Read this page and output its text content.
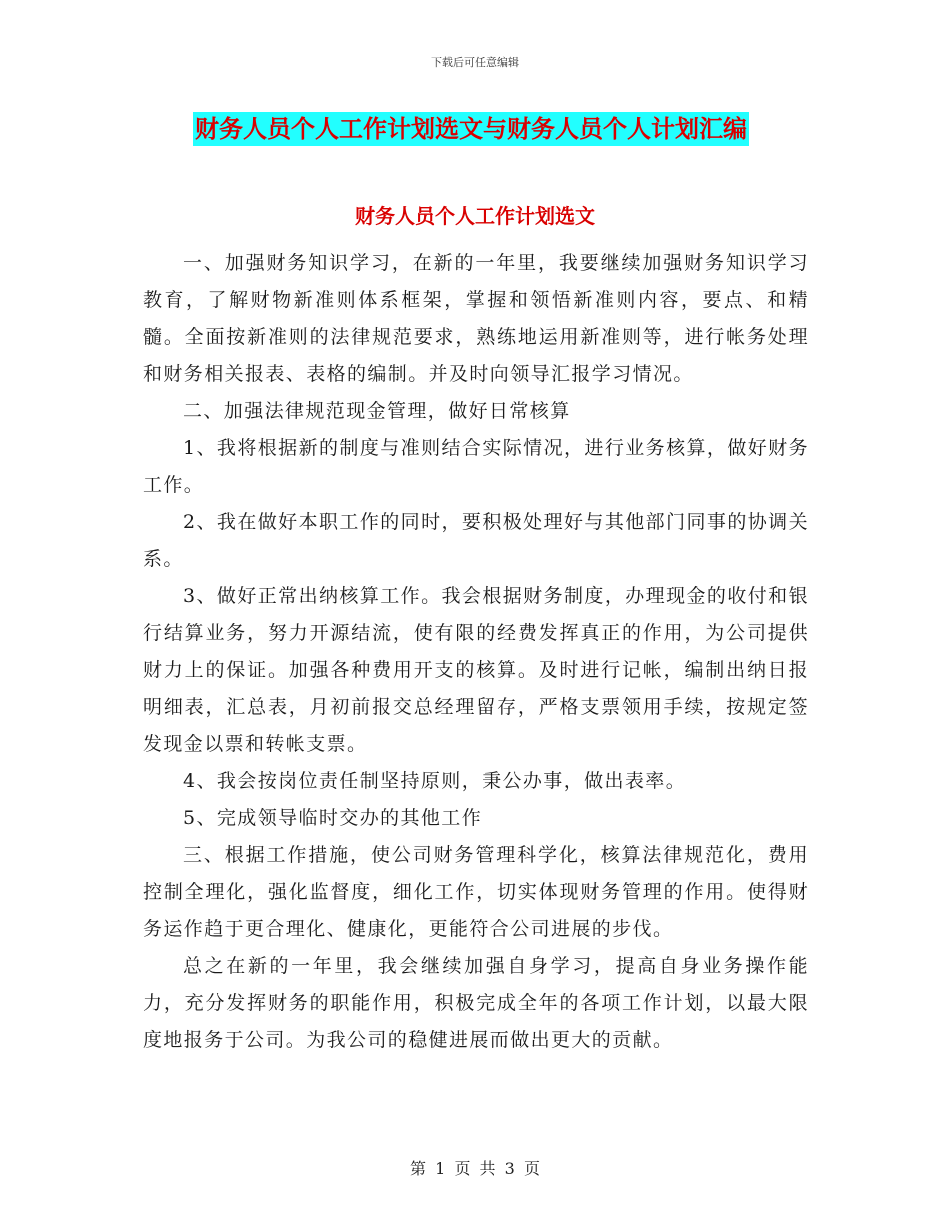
下载后可任意编辑
财务人员个人工作计划选文与财务人员个人计划汇编
财务人员个人工作计划选文

一、加强财务知识学习，在新的一年里，我要继续加强财务知识学习教育，了解财物新准则体系框架，掌握和领悟新准则内容，要点、和精髓。全面按新准则的法律规范要求，熟练地运用新准则等，进行帐务处理和财务相关报表、表格的编制。并及时向领导汇报学习情况。

二、加强法律规范现金管理，做好日常核算

1、我将根据新的制度与准则结合实际情况，进行业务核算，做好财务工作。

2、我在做好本职工作的同时，要积极处理好与其他部门同事的协调关系。

3、做好正常出纳核算工作。我会根据财务制度，办理现金的收付和银行结算业务，努力开源结流，使有限的经费发挥真正的作用，为公司提供财力上的保证。加强各种费用开支的核算。及时进行记帐，编制出纳日报明细表，汇总表，月初前报交总经理留存，严格支票领用手续，按规定签发现金以票和转帐支票。

4、我会按岗位责任制坚持原则，秉公办事，做出表率。

5、完成领导临时交办的其他工作

三、根据工作措施，使公司财务管理科学化，核算法律规范化，费用控制全理化，强化监督度，细化工作，切实体现财务管理的作用。使得财务运作趋于更合理化、健康化，更能符合公司进展的步伐。

总之在新的一年里，我会继续加强自身学习，提高自身业务操作能力，充分发挥财务的职能作用，积极完成全年的各项工作计划，以最大限度地报务于公司。为我公司的稳健进展而做出更大的贡献。

第 1 页 共 3 页
